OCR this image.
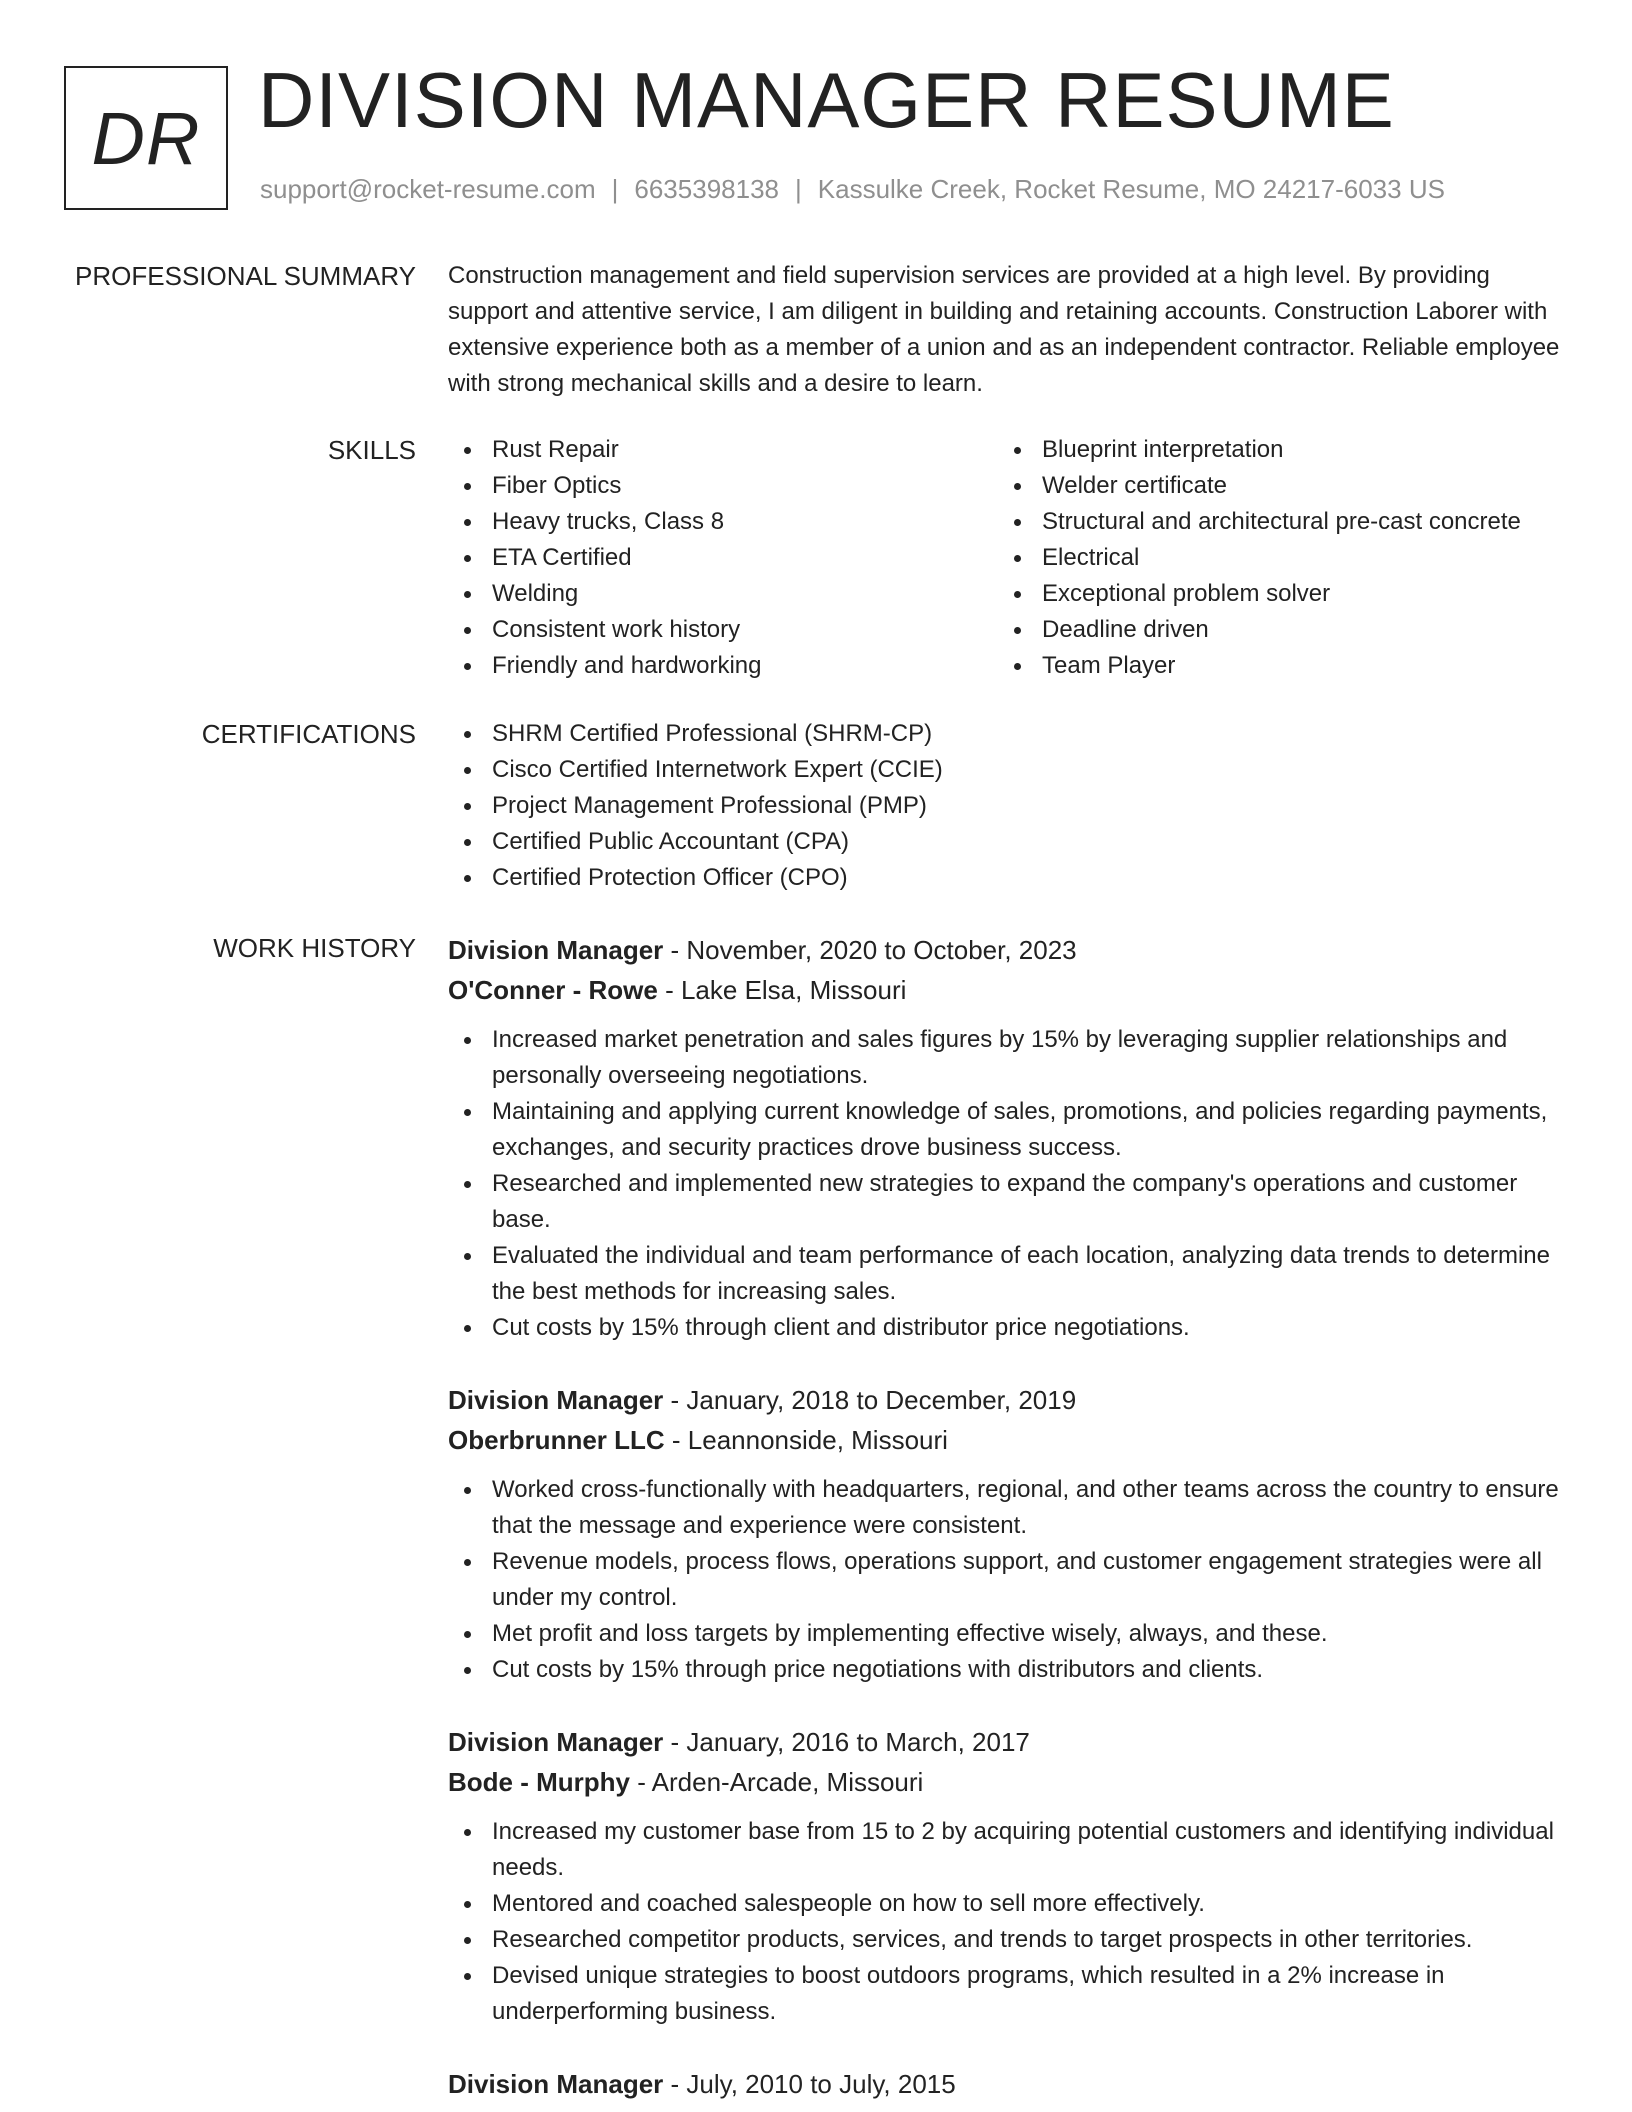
DR DIVISION MANAGER RESUME
support@rocket-resume.com | 6635398138 | Kassulke Creek, Rocket Resume, MO 24217-6033 US
PROFESSIONAL SUMMARY Construction management and field supervision services are provided at a high level. By providing support and attentive service, I am diligent in building and retaining accounts. Construction Laborer with extensive experience both as a member of a union and as an independent contractor. Reliable employee with strong mechanical skills and a desire to learn.
SKILLS	Rust Repair
Fiber Optics
Heavy trucks, Class 8
ETA Certified
Welding
Consistent work history
Friendly and hardworking
Blueprint interpretation
Welder certificate
Structural and architectural pre-cast concrete
Electrical
Exceptional problem solver
Deadline driven
Team Player
CERTIFICATIONS	SHRM Certified Professional (SHRM-CP)
Cisco Certified Internetwork Expert (CCIE)
Project Management Professional (PMP)
Certified Public Accountant (CPA)
Certified Protection Officer (CPO)
WORK HISTORY Division Manager - November, 2020 to October, 2023
O'Conner - Rowe - Lake Elsa, Missouri
Increased market penetration and sales figures by 15% by leveraging supplier relationships and personally overseeing negotiations.
Maintaining and applying current knowledge of sales, promotions, and policies regarding payments, exchanges, and security practices drove business success.
Researched and implemented new strategies to expand the company's operations and customer base.
Evaluated the individual and team performance of each location, analyzing data trends to determine the best methods for increasing sales.
Cut costs by 15% through client and distributor price negotiations.
Division Manager - January, 2018 to December, 2019
Oberbrunner LLC - Leannonside, Missouri
Worked cross-functionally with headquarters, regional, and other teams across the country to ensure that the message and experience were consistent.
Revenue models, process flows, operations support, and customer engagement strategies were all under my control.
Met profit and loss targets by implementing effective wisely, always, and these.
Cut costs by 15% through price negotiations with distributors and clients.
Division Manager - January, 2016 to March, 2017
Bode - Murphy - Arden-Arcade, Missouri
Increased my customer base from 15 to 2 by acquiring potential customers and identifying individual needs.
Mentored and coached salespeople on how to sell more effectively.
Researched competitor products, services, and trends to target prospects in other territories.
Devised unique strategies to boost outdoors programs, which resulted in a 2% increase in underperforming business.
Division Manager - July, 2010 to July, 2015
